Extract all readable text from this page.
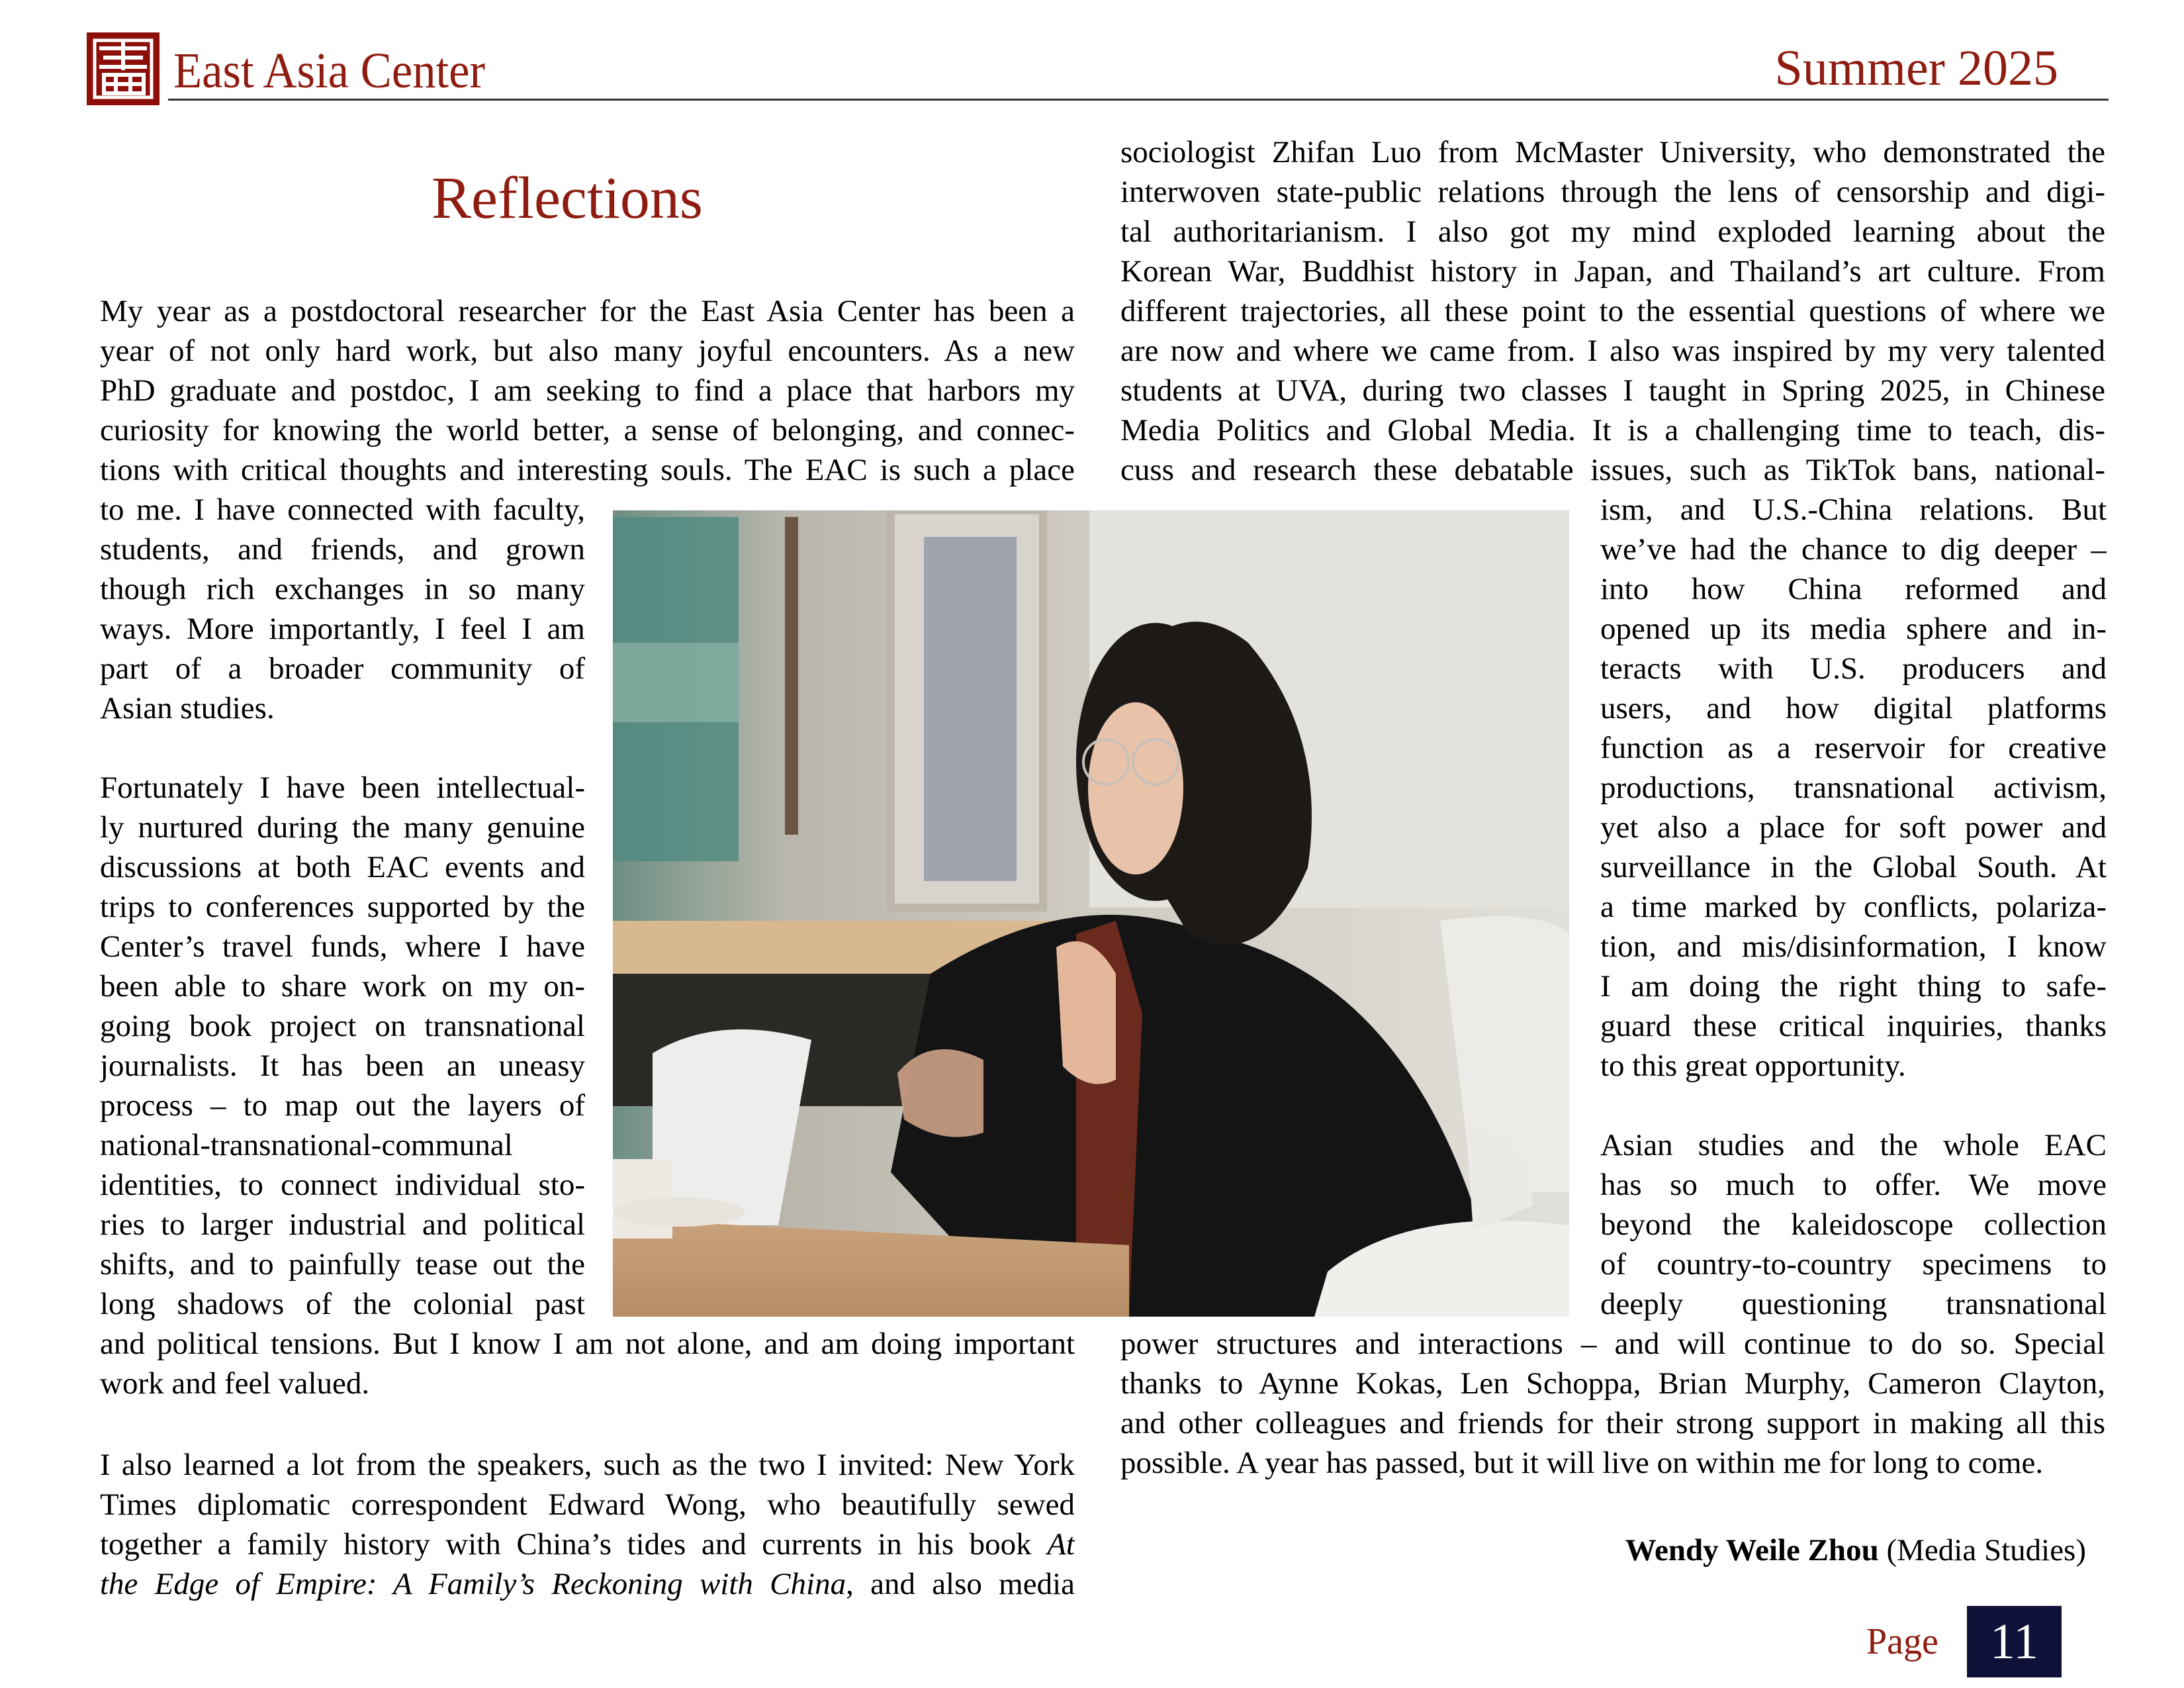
East Asia Center	Summer 2025
Reflections
My year as a postdoctoral researcher for the East Asia Center has been a
year of not only hard work, but also many joyful encounters. As a new
PhD graduate and postdoc, I am seeking to find a place that harbors my
curiosity for knowing the world better, a sense of belonging, and connec-
tions with critical thoughts and interesting souls. The EAC is such a place
to me. I have connected with faculty,
students, and friends, and grown
though rich exchanges in so many
ways. More importantly, I feel I am
part of a broader community of
Asian studies.
Fortunately I have been intellectual-
ly nurtured during the many genuine
discussions at both EAC events and
trips to conferences supported by the
Center’s travel funds, where I have
been able to share work on my on-
going book project on transnational
journalists. It has been an uneasy
process – to map out the layers of
national-transnational-communal
identities, to connect individual sto-
ries to larger industrial and political
shifts, and to painfully tease out the
long shadows of the colonial past
and political tensions. But I know I am not alone, and am doing important
work and feel valued.
I also learned a lot from the speakers, such as the two I invited: New York
Times diplomatic correspondent Edward Wong, who beautifully sewed
together a family history with China’s tides and currents in his book At
the Edge of Empire: A Family’s Reckoning with China, and also media
sociologist Zhifan Luo from McMaster University, who demonstrated the
interwoven state-public relations through the lens of censorship and digi-
tal authoritarianism. I also got my mind exploded learning about the
Korean War, Buddhist history in Japan, and Thailand’s art culture. From
different trajectories, all these point to the essential questions of where we
are now and where we came from. I also was inspired by my very talented
students at UVA, during two classes I taught in Spring 2025, in Chinese
Media Politics and Global Media. It is a challenging time to teach, dis-
cuss and research these debatable issues, such as TikTok bans, national-
ism, and U.S.-China relations. But
we’ve had the chance to dig deeper –
into how China reformed and
opened up its media sphere and in-
teracts with U.S. producers and
users, and how digital platforms
function as a reservoir for creative
productions, transnational activism,
yet also a place for soft power and
surveillance in the Global South. At
a time marked by conflicts, polariza-
tion, and mis/disinformation, I know
I am doing the right thing to safe-
guard these critical inquiries, thanks
to this great opportunity.
Asian studies and the whole EAC
has so much to offer. We move
beyond the kaleidoscope collection
of country-to-country specimens to
deeply questioning transnational
power structures and interactions – and will continue to do so. Special
thanks to Aynne Kokas, Len Schoppa, Brian Murphy, Cameron Clayton,
and other colleagues and friends for their strong support in making all this
possible. A year has passed, but it will live on within me for long to come.
Wendy Weile Zhou (Media Studies)
Page	11
